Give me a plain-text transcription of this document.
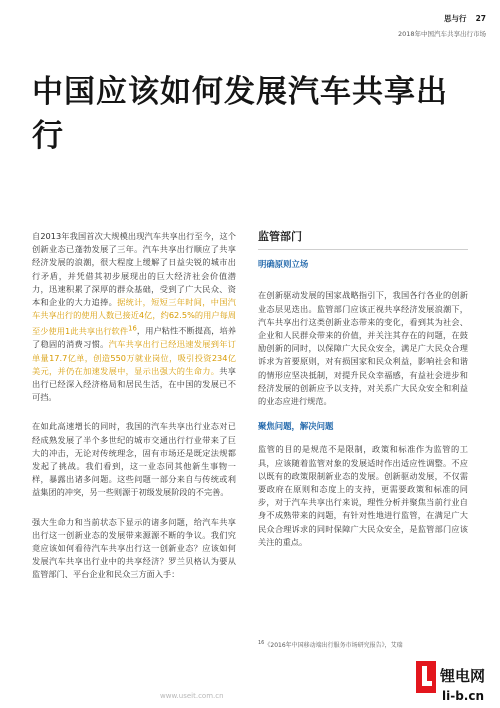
思与行 27
2018年中国汽车共享出行市场
中国应该如何发展汽车共享出行

自2013年我国首次大规模出现汽车共享出行至今，这个创新业态已蓬勃发展了三年。汽车共享出行顺应了共享经济发展的浪潮，很大程度上缓解了日益尖锐的城市出行矛盾，并凭借其初步展现出的巨大经济社会价值潜力，迅速积累了深厚的群众基础，受到了广大民众、资本和企业的大力追捧。据统计，短短三年时间，中国汽车共享出行的使用人数已接近4亿，约62.5%的用户每周至少使用1此共享出行软件$^{16}$，用户粘性不断提高，培养了稳固的消费习惯。汽车共享出行已经迅速发展到年订单量17.7亿单，创造550万就业岗位，吸引投资234亿美元，并仍在加速发展中，显示出强大的生命力。共享出行已经深入经济格局和居民生活，在中国的发展已不可挡。

在如此高速增长的同时，我国的汽车共享出行业态对已经成熟发展了半个多世纪的城市交通出行行业带来了巨大的冲击，无论对传统理念，固有市场还是既定法规都发起了挑战。我们看到，这一业态同其他新生事物一样，暴露出诸多问题。这些问题一部分来自与传统或利益集团的冲突，另一些则源于初级发展阶段的不完善。

强大生命力和当前状态下显示的诸多问题，给汽车共享出行这一创新业态的发展带来源源不断的争议。我们究竟应该如何看待汽车共享出行这一创新业态？应该如何发展汽车共享出行业中的共享经济？罗兰贝格认为要从监管部门、平台企业和民众三方面入手：

监管部门
明确原则立场

在创新驱动发展的国家战略指引下，我国各行各业的创新业态层见迭出。监管部门应该正视共享经济发展浪潮下，汽车共享出行这类创新业态带来的变化，看到其为社会、企业和人民群众带来的价值，并关注其存在的问题，在鼓励创新的同时，以保障广大民众安全，满足广大民众合理诉求为首要原则，对有损国家和民众利益，影响社会和谐的情形应坚决抵制，对提升民众幸福感，有益社会进步和经济发展的创新应予以支持，对关系广大民众安全和利益的业态应进行规范。

聚焦问题，解决问题

监管的目的是规范不是限制，政策和标准作为监管的工具，应该随着监管对象的发展适时作出适应性调整。不应以既有的政策限制新业态的发展。创新驱动发展，不仅需要政府在原则和态度上的支持，更需要政策和标准的同步，对于汽车共享出行来说，理性分析并聚焦当前行业自身不成熟带来的问题，有针对性地进行监管，在满足广大民众合理诉求的同时保障广大民众安全，是监管部门应该关注的重点。

$^{16}$《2016年中国移动端出行服务市场研究报告》，艾瑞
www.useit.com.cn
锂电网
li-b.cn
